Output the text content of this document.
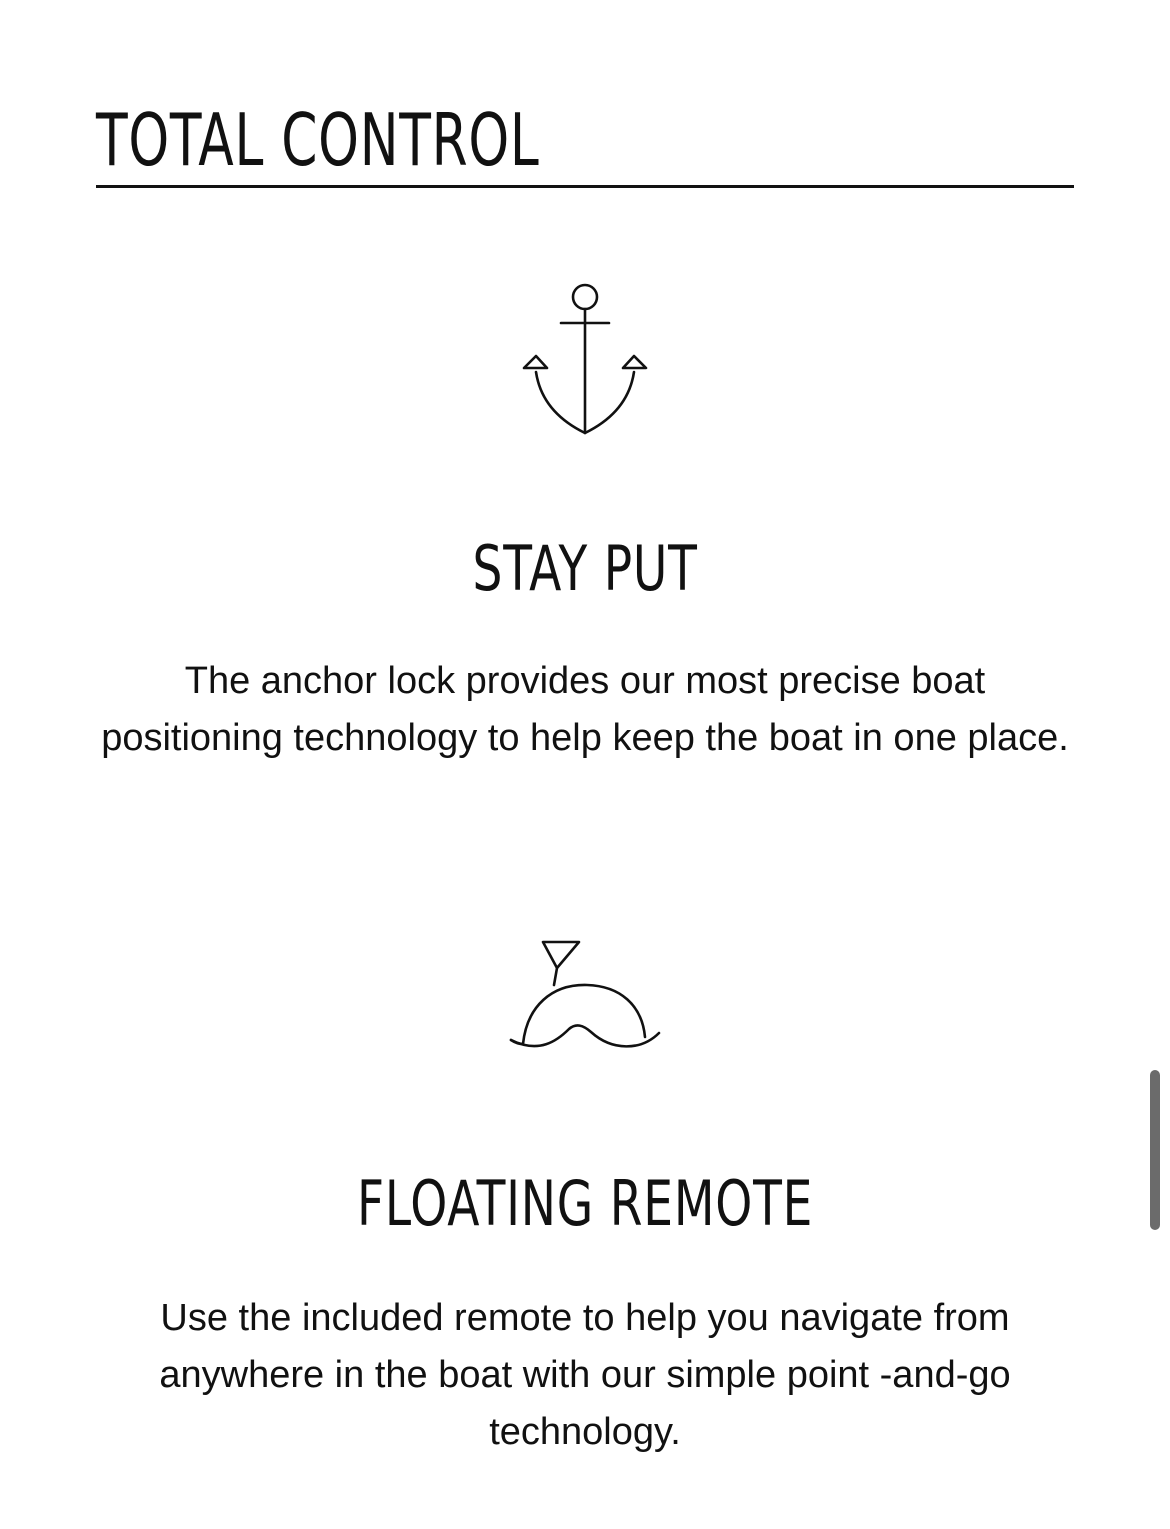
TOTAL CONTROL
STAY PUT

The anchor lock provides our most precise boat positioning technology to help keep the boat in one place.

FLOATING REMOTE

Use the included remote to help you navigate from anywhere in the boat with our simple point -and-go technology.
